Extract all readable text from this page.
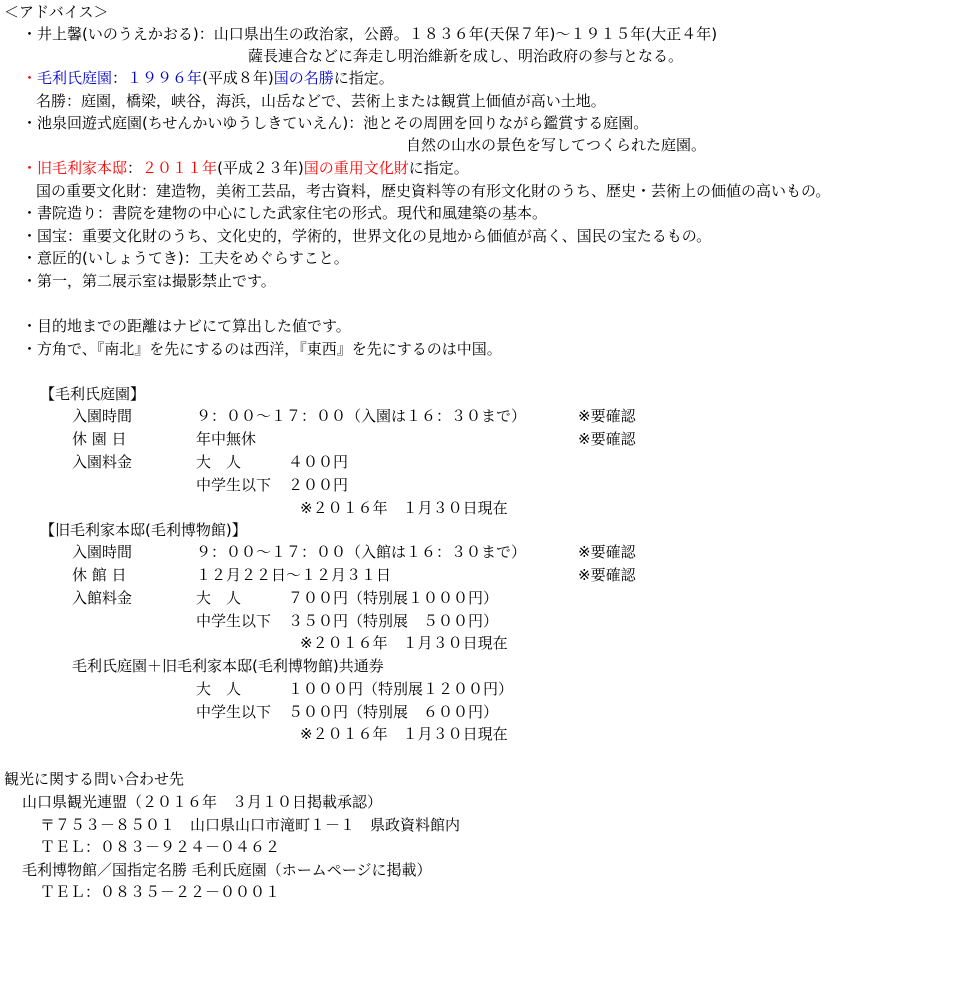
＜アドバイス＞
・井上馨(いのうえかおる)：山口県出生の政治家，公爵。１８３６年(天保７年)～１９１５年(大正４年)
薩長連合などに奔走し明治維新を成し、明治政府の参与となる。
・毛利氏庭園：１９９６年(平成８年)国の名勝に指定。
名勝：庭園，橋梁，峡谷，海浜，山岳などで、芸術上または観賞上価値が高い土地。
・池泉回遊式庭園(ちせんかいゆうしきていえん)：池とその周囲を回りながら鑑賞する庭園。
自然の山水の景色を写してつくられた庭園。
・旧毛利家本邸：２０１１年(平成２３年)国の重用文化財に指定。
国の重要文化財：建造物，美術工芸品，考古資料，歴史資料等の有形文化財のうち、歴史・芸術上の価値の高いもの。
・書院造り：書院を建物の中心にした武家住宅の形式。現代和風建築の基本。
・国宝：重要文化財のうち、文化史的，学術的，世界文化の見地から価値が高く、国民の宝たるもの。
・意匠的(いしょうてき)：工夫をめぐらすこと。
・第一，第二展示室は撮影禁止です。
・目的地までの距離はナビにて算出した値です。
・方角で、『南北』を先にするのは西洋，『東西』を先にするのは中国。
【毛利氏庭園】
入園時間	９：００～１７：００（入園は１６：３０まで）	※要確認
休 園 日	年中無休	※要確認
入園料金	大　人	４００円
中学生以下 ２００円
※２０１６年　１月３０日現在
【旧毛利家本邸(毛利博物館)】
入園時間	９：００～１７：００（入館は１６：３０まで）	※要確認
休 館 日	１２月２２日～１２月３１日	※要確認
入館料金	大　人	７００円（特別展１０００円）
中学生以下 ３５０円（特別展　５００円）
※２０１６年　１月３０日現在
毛利氏庭園＋旧毛利家本邸(毛利博物館)共通券
大　人	１０００円（特別展１２００円）
中学生以下 ５００円（特別展　６００円）
※２０１６年　１月３０日現在
観光に関する問い合わせ先
山口県観光連盟（２０１６年　３月１０日掲載承認）
〒７５３－８５０１　山口県山口市滝町１－１　県政資料館内
ＴＥＬ：０８３－９２４－０４６２
毛利博物館／国指定名勝 毛利氏庭園（ホームページに掲載）
ＴＥＬ：０８３５－２２－０００１
